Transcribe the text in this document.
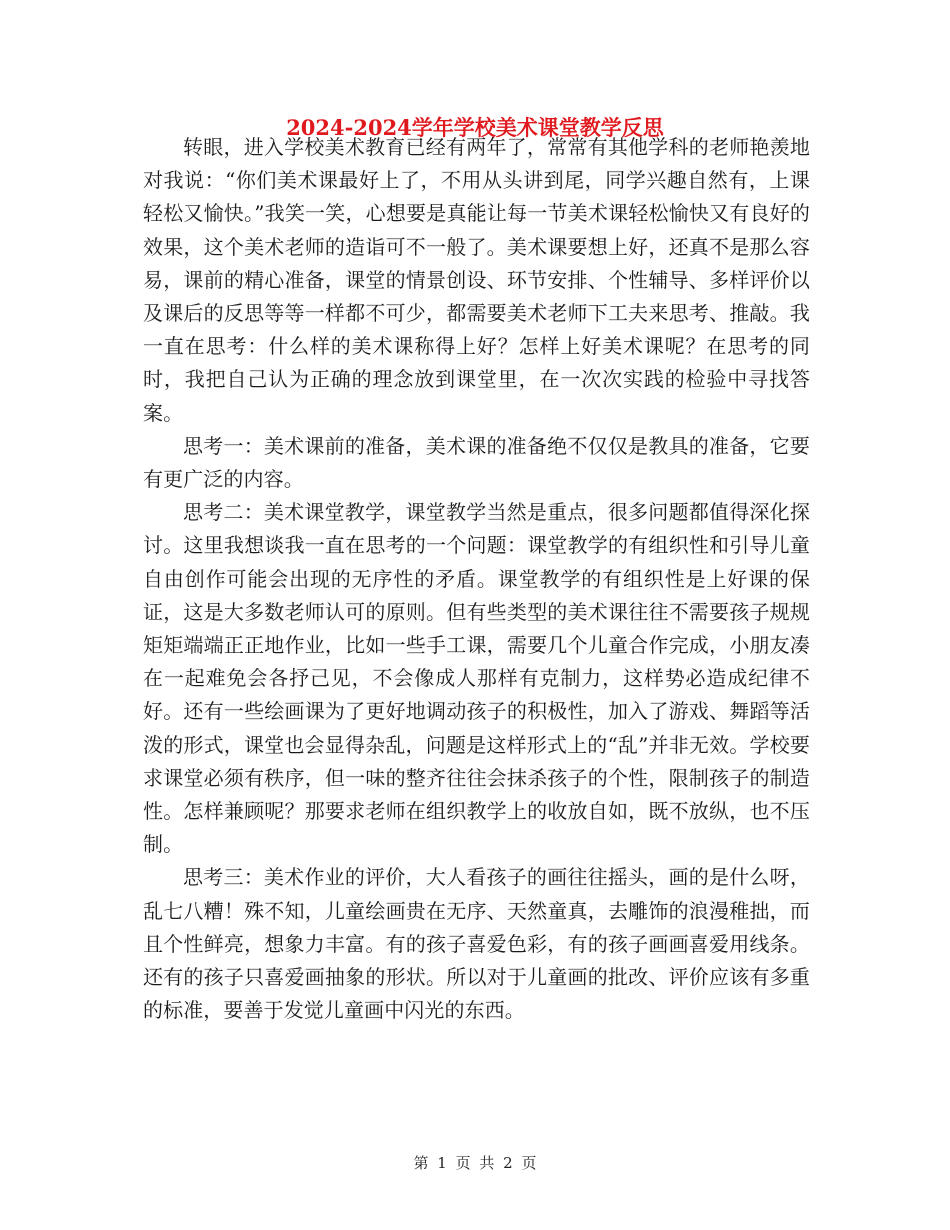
2024-2024学年学校美术课堂教学反思

转眼，进入学校美术教育已经有两年了，常常有其他学科的老师艳羡地对我说：“你们美术课最好上了，不用从头讲到尾，同学兴趣自然有，上课轻松又愉快。”我笑一笑，心想要是真能让每一节美术课轻松愉快又有良好的效果，这个美术老师的造诣可不一般了。美术课要想上好，还真不是那么容易，课前的精心准备，课堂的情景创设、环节安排、个性辅导、多样评价以及课后的反思等等一样都不可少，都需要美术老师下工夫来思考、推敲。我一直在思考：什么样的美术课称得上好？怎样上好美术课呢？在思考的同时，我把自己认为正确的理念放到课堂里，在一次次实践的检验中寻找答案。

思考一：美术课前的准备，美术课的准备绝不仅仅是教具的准备，它要有更广泛的内容。

思考二：美术课堂教学，课堂教学当然是重点，很多问题都值得深化探讨。这里我想谈我一直在思考的一个问题：课堂教学的有组织性和引导儿童自由创作可能会出现的无序性的矛盾。课堂教学的有组织性是上好课的保证，这是大多数老师认可的原则。但有些类型的美术课往往不需要孩子规规矩矩端端正正地作业，比如一些手工课，需要几个儿童合作完成，小朋友凑在一起难免会各抒己见，不会像成人那样有克制力，这样势必造成纪律不好。还有一些绘画课为了更好地调动孩子的积极性，加入了游戏、舞蹈等活泼的形式，课堂也会显得杂乱，问题是这样形式上的“乱”并非无效。学校要求课堂必须有秩序，但一味的整齐往往会抹杀孩子的个性，限制孩子的制造性。怎样兼顾呢？那要求老师在组织教学上的收放自如，既不放纵，也不压制。

思考三：美术作业的评价，大人看孩子的画往往摇头，画的是什么呀，乱七八糟！殊不知，儿童绘画贵在无序、天然童真，去雕饰的浪漫稚拙，而且个性鲜亮，想象力丰富。有的孩子喜爱色彩，有的孩子画画喜爱用线条。还有的孩子只喜爱画抽象的形状。所以对于儿童画的批改、评价应该有多重的标准，要善于发觉儿童画中闪光的东西。

第 1 页 共 2 页
